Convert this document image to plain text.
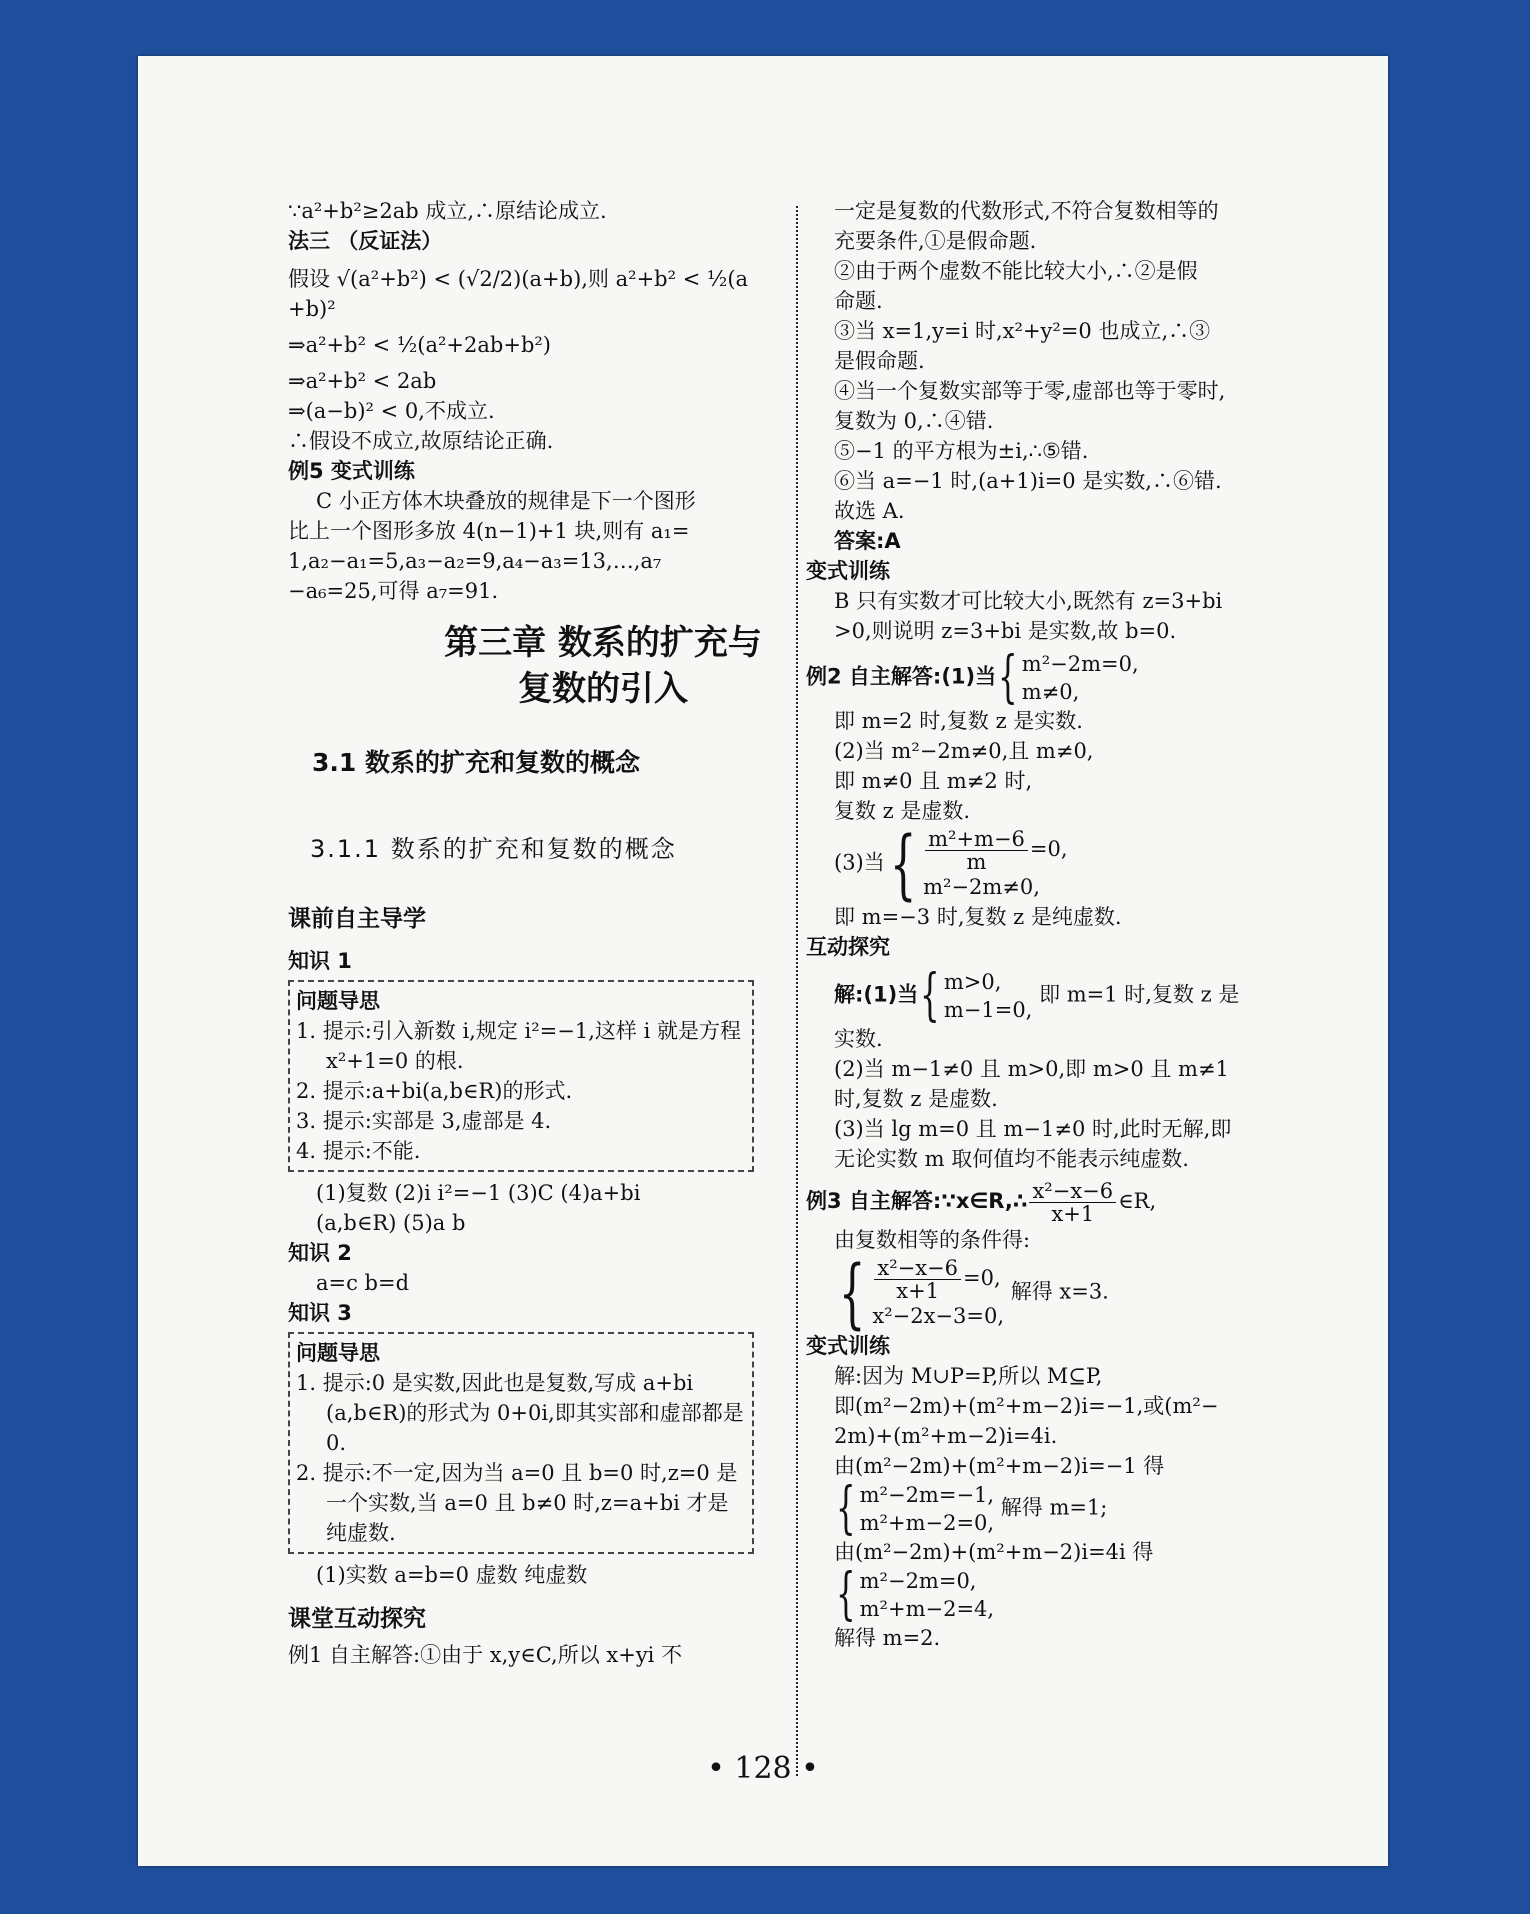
∵a²+b²≥2ab 成立,∴原结论成立.

法三 （反证法）

假设 √(a²+b²) < (√2/2)(a+b),则 a²+b² < ½(a

+b)²

⇒a²+b² < ½(a²+2ab+b²)

⇒a²+b² < 2ab

⇒(a−b)² < 0,不成立.

∴假设不成立,故原结论正确.

例5 变式训练

C 小正方体木块叠放的规律是下一个图形

比上一个图形多放 4(n−1)+1 块,则有 a₁=

1,a₂−a₁=5,a₃−a₂=9,a₄−a₃=13,…,a₇

−a₆=25,可得 a₇=91.

第三章 数系的扩充与
复数的引入
3.1 数系的扩充和复数的概念
3.1.1 数系的扩充和复数的概念
课前自主导学

知识 1

问题导思

1. 提示:引入新数 i,规定 i²=−1,这样 i 就是方程 x²+1=0 的根.

2. 提示:a+bi(a,b∈R)的形式.

3. 提示:实部是 3,虚部是 4.

4. 提示:不能.

(1)复数 (2)i i²=−1 (3)C (4)a+bi

(a,b∈R) (5)a b

知识 2

a=c b=d

知识 3

问题导思

1. 提示:0 是实数,因此也是复数,写成 a+bi (a,b∈R)的形式为 0+0i,即其实部和虚部都是 0.

2. 提示:不一定,因为当 a=0 且 b=0 时,z=0 是一个实数,当 a=0 且 b≠0 时,z=a+bi 才是纯虚数.

(1)实数 a=b=0 虚数 纯虚数

课堂互动探究

例1 自主解答:①由于 x,y∈C,所以 x+yi 不

一定是复数的代数形式,不符合复数相等的

充要条件,①是假命题.

②由于两个虚数不能比较大小,∴②是假

命题.

③当 x=1,y=i 时,x²+y²=0 也成立,∴③

是假命题.

④当一个复数实部等于零,虚部也等于零时,

复数为 0,∴④错.

⑤−1 的平方根为±i,∴⑤错.

⑥当 a=−1 时,(a+1)i=0 是实数,∴⑥错.

故选 A.

答案:A

变式训练

B 只有实数才可比较大小,既然有 z=3+bi

>0,则说明 z=3+bi 是实数,故 b=0.

例2 自主解答:(1)当{ m²−2m=0,
m≠0,

即 m=2 时,复数 z 是实数.

(2)当 m²−2m≠0,且 m≠0,

即 m≠0 且 m≠2 时,

复数 z 是虚数.

(3)当{ $\frac{\text{m²+m−6}}{m} =0$,
m²−2m≠0,

即 m=−3 时,复数 z 是纯虚数.

互动探究

解:(1)当{ m>0,
m−1=0,
即 m=1 时,复数 z 是

实数.

(2)当 m−1≠0 且 m>0,即 m>0 且 m≠1

时,复数 z 是虚数.

(3)当 lg m=0 且 m−1≠0 时,此时无解,即

无论实数 m 取何值均不能表示纯虚数.

例3 自主解答:∵x∈R,∴ $\frac{\text{x²−x−6}}{x+1}$ ∈R,

由复数相等的条件得:

{ $\frac{\text{x²−x−6}}{x+1} =0$,
x²−2x−3=0,
解得 x=3.

变式训练

解:因为 M∪P=P,所以 M⊆P,

即(m²−2m)+(m²+m−2)i=−1,或(m²−

2m)+(m²+m−2)i=4i.

由(m²−2m)+(m²+m−2)i=−1 得

{ m²−2m=−1,
m²+m−2=0,
解得 m=1;

由(m²−2m)+(m²+m−2)i=4i 得

{ m²−2m=0,
m²+m−2=4,

解得 m=2.

• 128 •
